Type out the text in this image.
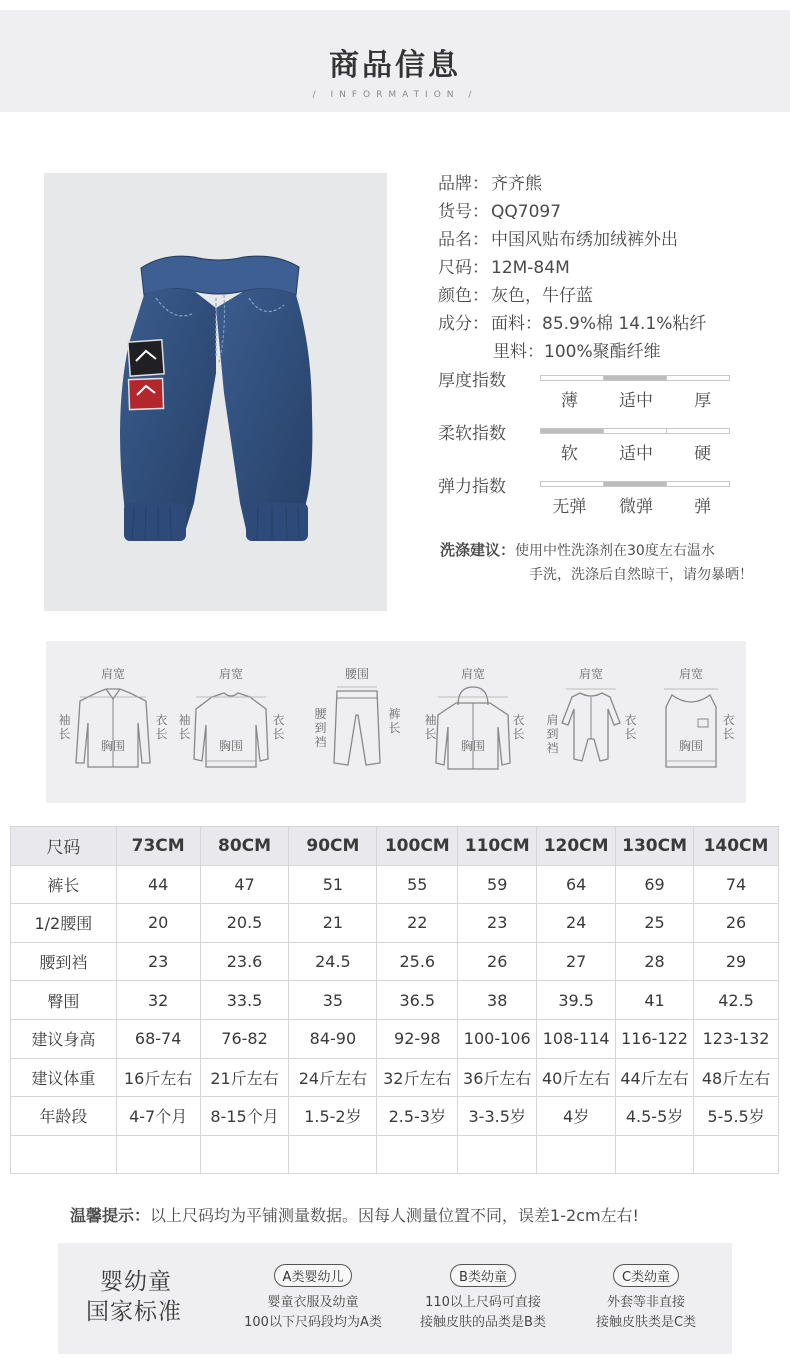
商品信息
/ INFORMATION /
品牌： 齐齐熊
货号： QQ7097
品名： 中国风贴布绣加绒裤外出
尺码： 12M-84M
颜色： 灰色，牛仔蓝
成分： 面料：85.9%棉 14.1%粘纤
里料：100%聚酯纤维
厚度指数
薄	适中	厚
柔软指数
软	适中	硬
弹力指数
无弹	微弹	弹
洗涤建议：使用中性洗涤剂在30度左右温水
手洗，洗涤后自然晾干，请勿暴晒！
肩宽
袖长
衣长
胸围
肩宽
袖长
衣长
胸围
腰围
腰到裆
裤长
肩宽
袖长
衣长
胸围
肩宽
肩到裆
衣长
肩宽
衣长
胸围
尺码	73CM	80CM	90CM	100CM	110CM	120CM	130CM	140CM
裤长	44	47	51	55	59	64	69	74
1/2腰围	20	20.5	21	22	23	24	25	26
腰到裆	23	23.6	24.5	25.6	26	27	28	29
臀围	32	33.5	35	36.5	38	39.5	41	42.5
建议身高	68-74	76-82	84-90	92-98	100-106	108-114	116-122	123-132
建议体重	16斤左右	21斤左右	24斤左右	32斤左右	36斤左右	40斤左右	44斤左右	48斤左右
年龄段	4-7个月	8-15个月	1.5-2岁	2.5-3岁	3-3.5岁	4岁	4.5-5岁	5-5.5岁

温馨提示：以上尺码均为平铺测量数据。因每人测量位置不同，误差1-2cm左右!
婴幼童
国家标准
A类婴幼儿
婴童衣服及幼童
100以下尺码段均为A类
B类幼童
110以上尺码可直接
接触皮肤的品类是B类
C类幼童
外套等非直接
接触皮肤类是C类
